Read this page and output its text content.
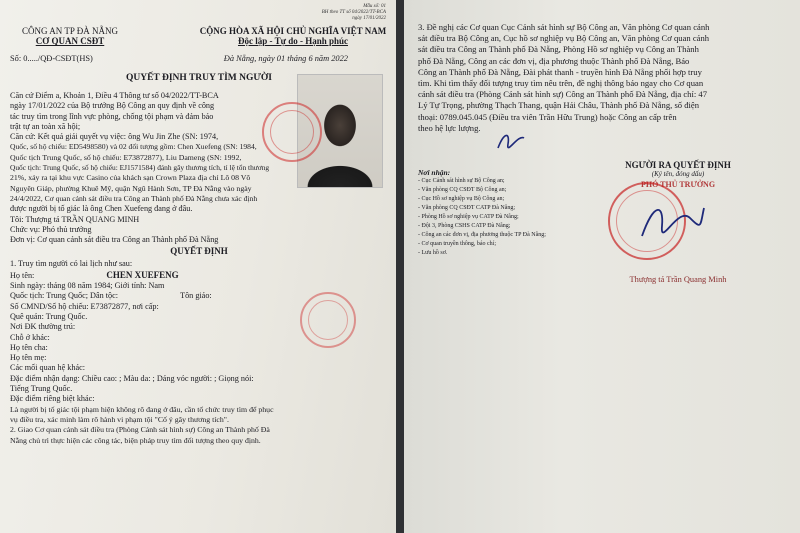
Mẫu số: 01
BH theo TT số 04/2022/TT-BCA
ngày 17/01/2022
CÔNG AN TP ĐÀ NẴNG
CƠ QUAN CSĐT
CỘNG HÒA XÃ HỘI CHỦ NGHĨA VIỆT NAM
Độc lập - Tự do - Hạnh phúc
Số: 0...../QĐ-CSĐT(HS)	Đà Nẵng, ngày 01 tháng 6 năm 2022
QUYẾT ĐỊNH TRUY TÌM NGƯỜI
Căn cứ Điểm a, Khoản 1, Điều 4 Thông tư số 04/2022/TT-BCA
ngày 17/01/2022 của Bộ trưởng Bộ Công an quy định về công
tác truy tìm trong lĩnh vực phòng, chống tội phạm và đảm bảo
trật tự an toàn xã hội;
Căn cứ: Kết quả giải quyết vụ việc: ông Wu Jin Zhe (SN: 1974,
Quốc, số hộ chiếu: ED5498580) và 02 đối tượng gồm: Chen Xuefeng (SN: 1984,
Quốc tịch Trung Quốc, số hộ chiếu: E73872877), Liu Dameng (SN: 1992,
Quốc tịch: Trung Quốc, số hộ chiếu: EJ1571584) đánh gây thương tích, tỉ lệ tổn thương
21%, xảy ra tại khu vực Casino của khách sạn Crown Plaza địa chỉ Lô 08 Võ
Nguyên Giáp, phường Khuê Mỹ, quận Ngũ Hành Sơn, TP Đà Nẵng vào ngày
24/4/2022, Cơ quan cảnh sát điều tra Công an Thành phố Đà Nẵng chưa xác định
được người bị tố giác là ông Chen Xuefeng đang ở đâu.
Tôi: Thượng tá TRẦN QUANG MINH
Chức vụ: Phó thủ trưởng
Đơn vị: Cơ quan cảnh sát điều tra Công an Thành phố Đà Nẵng
QUYẾT ĐỊNH
1. Truy tìm người có lai lịch như sau:
Họ tên:	CHEN XUEFENG
Sinh ngày: tháng 08 năm 1984; Giới tính: Nam
Quốc tịch: Trung Quốc; Dân tộc:	Tôn giáo:
Số CMND/Số hộ chiếu: E73872877, nơi cấp:
Quê quán: Trung Quốc.
Nơi ĐK thường trú:
Chỗ ở khác:
Họ tên cha:
Họ tên mẹ:
Các mối quan hệ khác:
Đặc điểm nhận dạng: Chiều cao: ; Màu da: ; Dáng vóc người: ; Giọng nói:
Tiếng Trung Quốc.
Đặc điểm riêng biệt khác:
Là người bị tố giác tội phạm hiện không rõ đang ở đâu, cần tổ chức truy tìm để phục
vụ điều tra, xác minh làm rõ hành vi phạm tội "Cố ý gây thương tích".
2. Giao Cơ quan cảnh sát điều tra (Phòng Cảnh sát hình sự) Công an Thành phố Đà
Nẵng chủ trì thực hiện các công tác, biện pháp truy tìm đối tượng theo quy định.
3. Đề nghị các Cơ quan Cục Cảnh sát hình sự Bộ Công an, Văn phòng Cơ quan cảnh
sát điều tra Bộ Công an, Cục hồ sơ nghiệp vụ Bộ Công an, Văn phòng Cơ quan cảnh
sát điều tra Công an Thành phố Đà Nẵng, Phòng Hồ sơ nghiệp vụ Công an Thành
phố Đà Nẵng, Công an các đơn vị, địa phương thuộc Thành phố Đà Nẵng, Báo
Công an Thành phố Đà Nẵng, Đài phát thanh - truyền hình Đà Nẵng phối hợp truy
tìm. Khi tìm thấy đối tượng truy tìm nêu trên, đề nghị thông báo ngay cho Cơ quan
cảnh sát điều tra (Phòng Cảnh sát hình sự) Công an Thành phố Đà Nẵng, địa chỉ: 47
Lý Tự Trọng, phường Thạch Thang, quận Hải Châu, Thành phố Đà Nẵng, số điện
thoại: 0789.045.045 (Điều tra viên Trần Hữu Trung) hoặc Công an cấp trên
theo hệ lực lượng.
Nơi nhận:
- Cục Cảnh sát hình sự Bộ Công an;
- Văn phòng CQ CSĐT Bộ Công an;
- Cục Hồ sơ nghiệp vụ Bộ Công an;
- Văn phòng CQ CSĐT CATP Đà Nẵng;
- Phòng Hồ sơ nghiệp vụ CATP Đà Nẵng;
- Đội 3, Phòng CSHS CATP Đà Nẵng;
- Công an các đơn vị, địa phương thuộc TP Đà Nẵng;
- Cơ quan truyền thông, báo chí;
- Lưu hồ sơ.
NGƯỜI RA QUYẾT ĐỊNH
(Ký tên, đóng dấu)
PHÓ THỦ TRƯỞNG
Thượng tá Trần Quang Minh
